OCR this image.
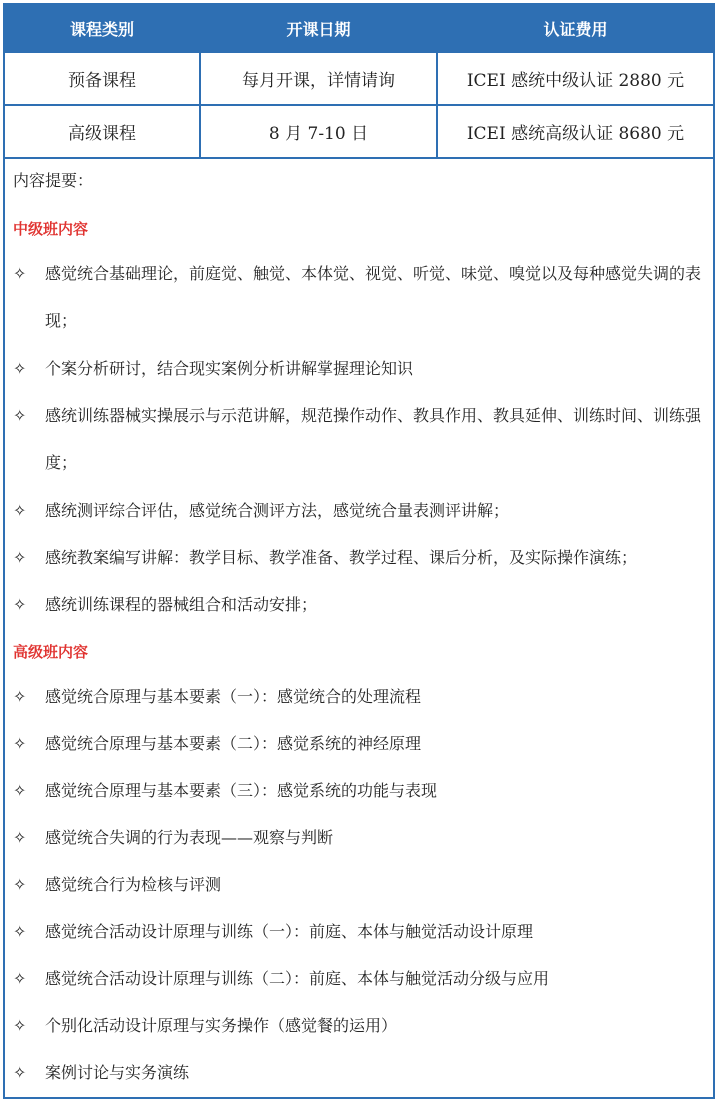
课程类别	开课日期	认证费用
预备课程	每月开课，详情请询	ICEI 感统中级认证 2880 元
高级课程	8 月 7-10 日	ICEI 感统高级认证 8680 元
内容提要：
中级班内容
✧	感觉统合基础理论，前庭觉、触觉、本体觉、视觉、听觉、味觉、嗅觉以及每种感觉失调的表现；
✧	个案分析研讨，结合现实案例分析讲解掌握理论知识
✧	感统训练器械实操展示与示范讲解，规范操作动作、教具作用、教具延伸、训练时间、训练强度；
✧	感统测评综合评估，感觉统合测评方法，感觉统合量表测评讲解；
✧	感统教案编写讲解：教学目标、教学准备、教学过程、课后分析，及实际操作演练；
✧	感统训练课程的器械组合和活动安排；
高级班内容
✧	感觉统合原理与基本要素（一）：感觉统合的处理流程
✧	感觉统合原理与基本要素（二）：感觉系统的神经原理
✧	感觉统合原理与基本要素（三）：感觉系统的功能与表现
✧	感觉统合失调的行为表现——观察与判断
✧	感觉统合行为检核与评测
✧	感觉统合活动设计原理与训练（一）：前庭、本体与触觉活动设计原理
✧	感觉统合活动设计原理与训练（二）：前庭、本体与触觉活动分级与应用
✧	个别化活动设计原理与实务操作（感觉餐的运用）
✧	案例讨论与实务演练
